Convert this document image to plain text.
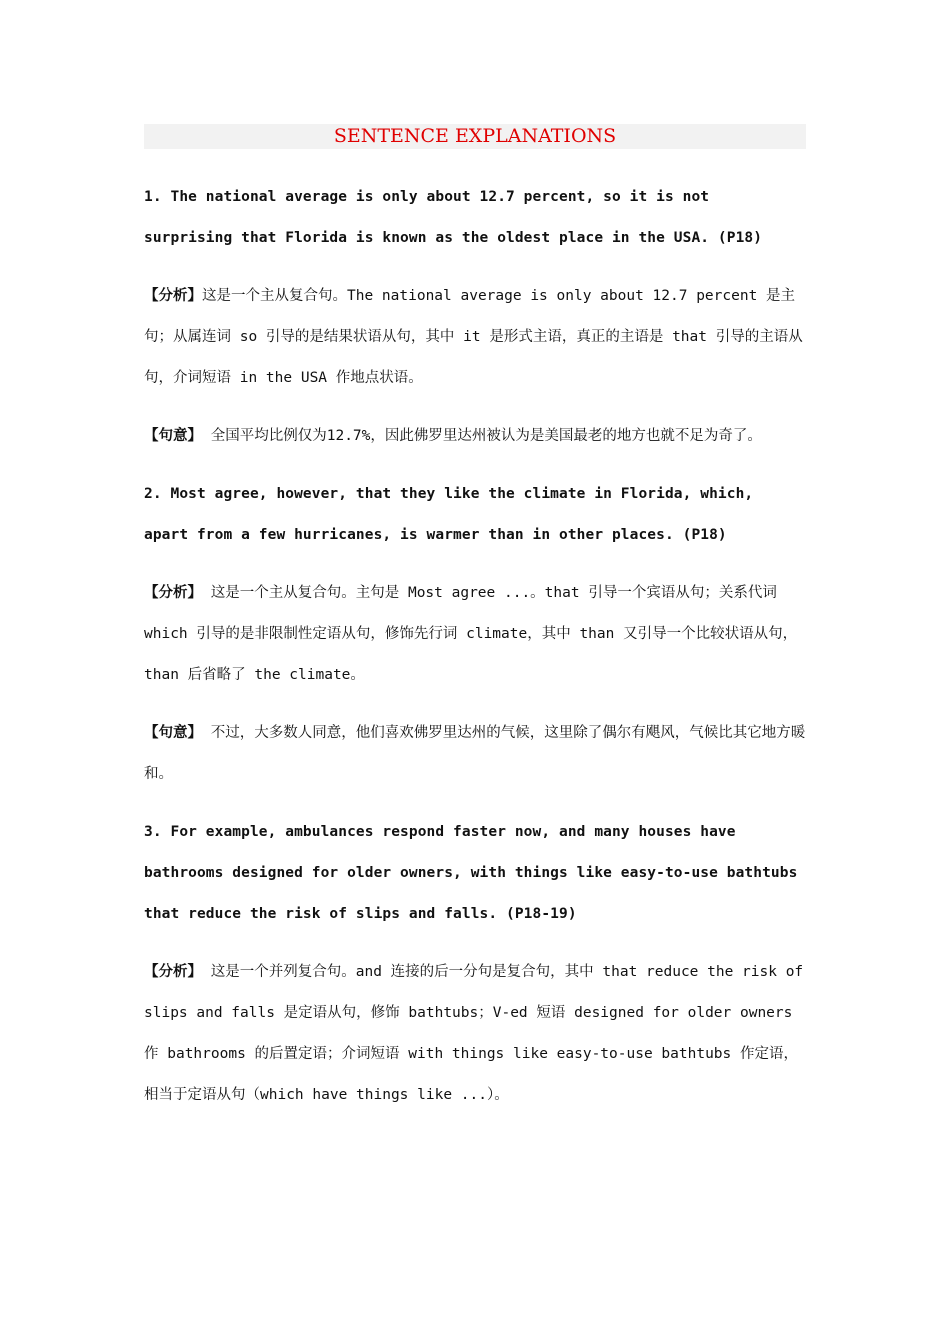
SENTENCE EXPLANATIONS

1. The national average is only about 12.7 percent, so it is not surprising that Florida is known as the oldest place in the USA. (P18)

【分析】这是一个主从复合句。The national average is only about 12.7 percent 是主句；从属连词 so 引导的是结果状语从句，其中 it 是形式主语，真正的主语是 that 引导的主语从句，介词短语 in the USA 作地点状语。

【句意】 全国平均比例仅为12.7%，因此佛罗里达州被认为是美国最老的地方也就不足为奇了。

2. Most agree, however, that they like the climate in Florida, which, apart from a few hurricanes, is warmer than in other places. (P18)

【分析】 这是一个主从复合句。主句是 Most agree ...。that 引导一个宾语从句；关系代词 which 引导的是非限制性定语从句，修饰先行词 climate，其中 than 又引导一个比较状语从句，than 后省略了 the climate。

【句意】 不过，大多数人同意，他们喜欢佛罗里达州的气候，这里除了偶尔有飓风，气候比其它地方暖和。

3. For example, ambulances respond faster now, and many houses have bathrooms designed for older owners, with things like easy-to-use bathtubs that reduce the risk of slips and falls. (P18-19)

【分析】 这是一个并列复合句。and 连接的后一分句是复合句，其中 that reduce the risk of slips and falls 是定语从句，修饰 bathtubs；V-ed 短语 designed for older owners 作 bathrooms 的后置定语；介词短语 with things like easy-to-use bathtubs 作定语，相当于定语从句（which have things like ...）。
